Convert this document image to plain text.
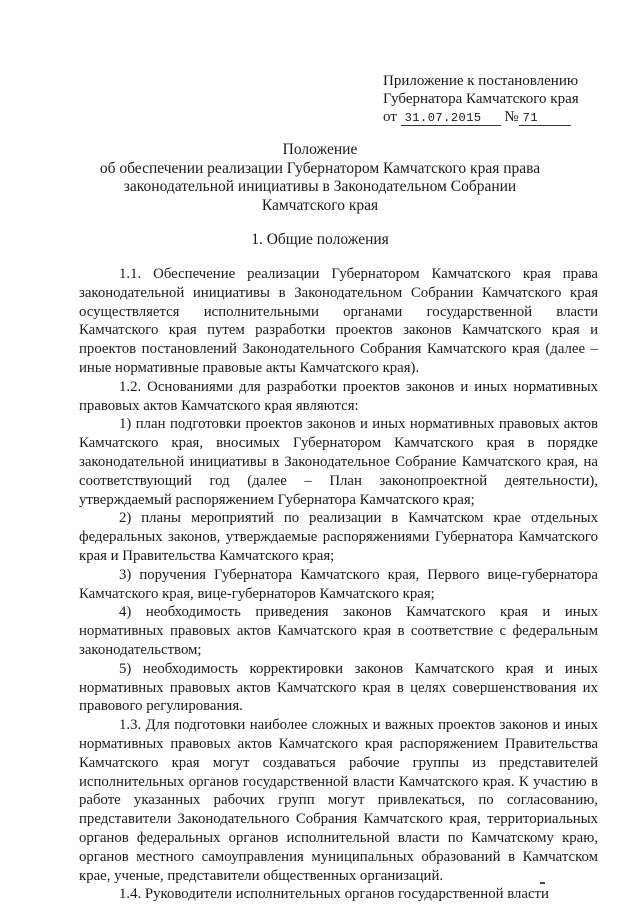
Приложение к постановлению
Губернатора Камчатского края
от 31.07.2015 № 71
Положение
об обеспечении реализации Губернатором Камчатского края права
законодательной инициативы в Законодательном Собрании
Камчатского края
1. Общие положения

1.1. Обеспечение реализации Губернатором Камчатского края права законодательной инициативы в Законодательном Собрании Камчатского края осуществляется исполнительными органами государственной власти Камчатского края путем разработки проектов законов Камчатского края и проектов постановлений Законодательного Собрания Камчатского края (далее – иные нормативные правовые акты Камчатского края).

1.2. Основаниями для разработки проектов законов и иных нормативных правовых актов Камчатского края являются:

1) план подготовки проектов законов и иных нормативных правовых актов Камчатского края, вносимых Губернатором Камчатского края в порядке законодательной инициативы в Законодательное Собрание Камчатского края, на соответствующий год (далее – План законопроектной деятельности), утверждаемый распоряжением Губернатора Камчатского края;

2) планы мероприятий по реализации в Камчатском крае отдельных федеральных законов, утверждаемые распоряжениями Губернатора Камчатского края и Правительства Камчатского края;

3) поручения Губернатора Камчатского края, Первого вице-губернатора Камчатского края, вице-губернаторов Камчатского края;

4) необходимость приведения законов Камчатского края и иных нормативных правовых актов Камчатского края в соответствие с федеральным законодательством;

5) необходимость корректировки законов Камчатского края и иных нормативных правовых актов Камчатского края в целях совершенствования их правового регулирования.

1.3. Для подготовки наиболее сложных и важных проектов законов и иных нормативных правовых актов Камчатского края распоряжением Правительства Камчатского края могут создаваться рабочие группы из представителей исполнительных органов государственной власти Камчатского края. К участию в работе указанных рабочих групп могут привлекаться, по согласованию, представители Законодательного Собрания Камчатского края, территориальных органов федеральных органов исполнительной власти по Камчатскому краю, органов местного самоуправления муниципальных образований в Камчатском крае, ученые, представители общественных организаций.

1.4. Руководители исполнительных органов государственной власти
